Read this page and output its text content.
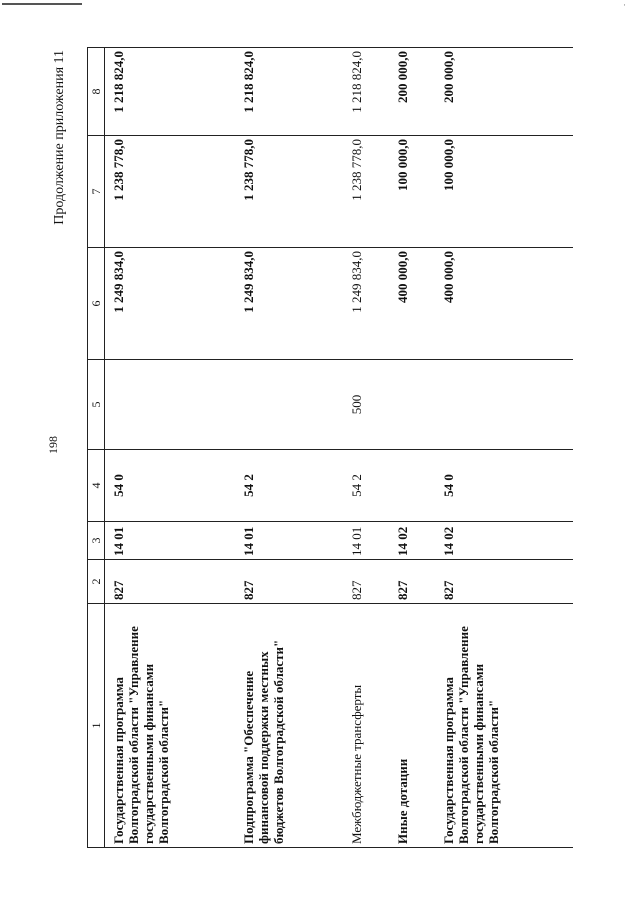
·
198
Продолжение приложения 11
1	2	3	4	5	6	7	8
Государственная программа Волгоградской области "Управление государственными финансами Волгоградской области"	827	14 01	54 0		1 249 834,0	1 238 778,0	1 218 824,0
Подпрограмма "Обеспечение финансовой поддержки местных бюджетов Волгоградской области"	827	14 01	54 2		1 249 834,0	1 238 778,0	1 218 824,0
Межбюджетные трансферты	827	14 01	54 2	500	1 249 834,0	1 238 778,0	1 218 824,0
Иные дотации	827	14 02			400 000,0	100 000,0	200 000,0
Государственная программа Волгоградской области "Управление государственными финансами Волгоградской области"	827	14 02	54 0		400 000,0	100 000,0	200 000,0
